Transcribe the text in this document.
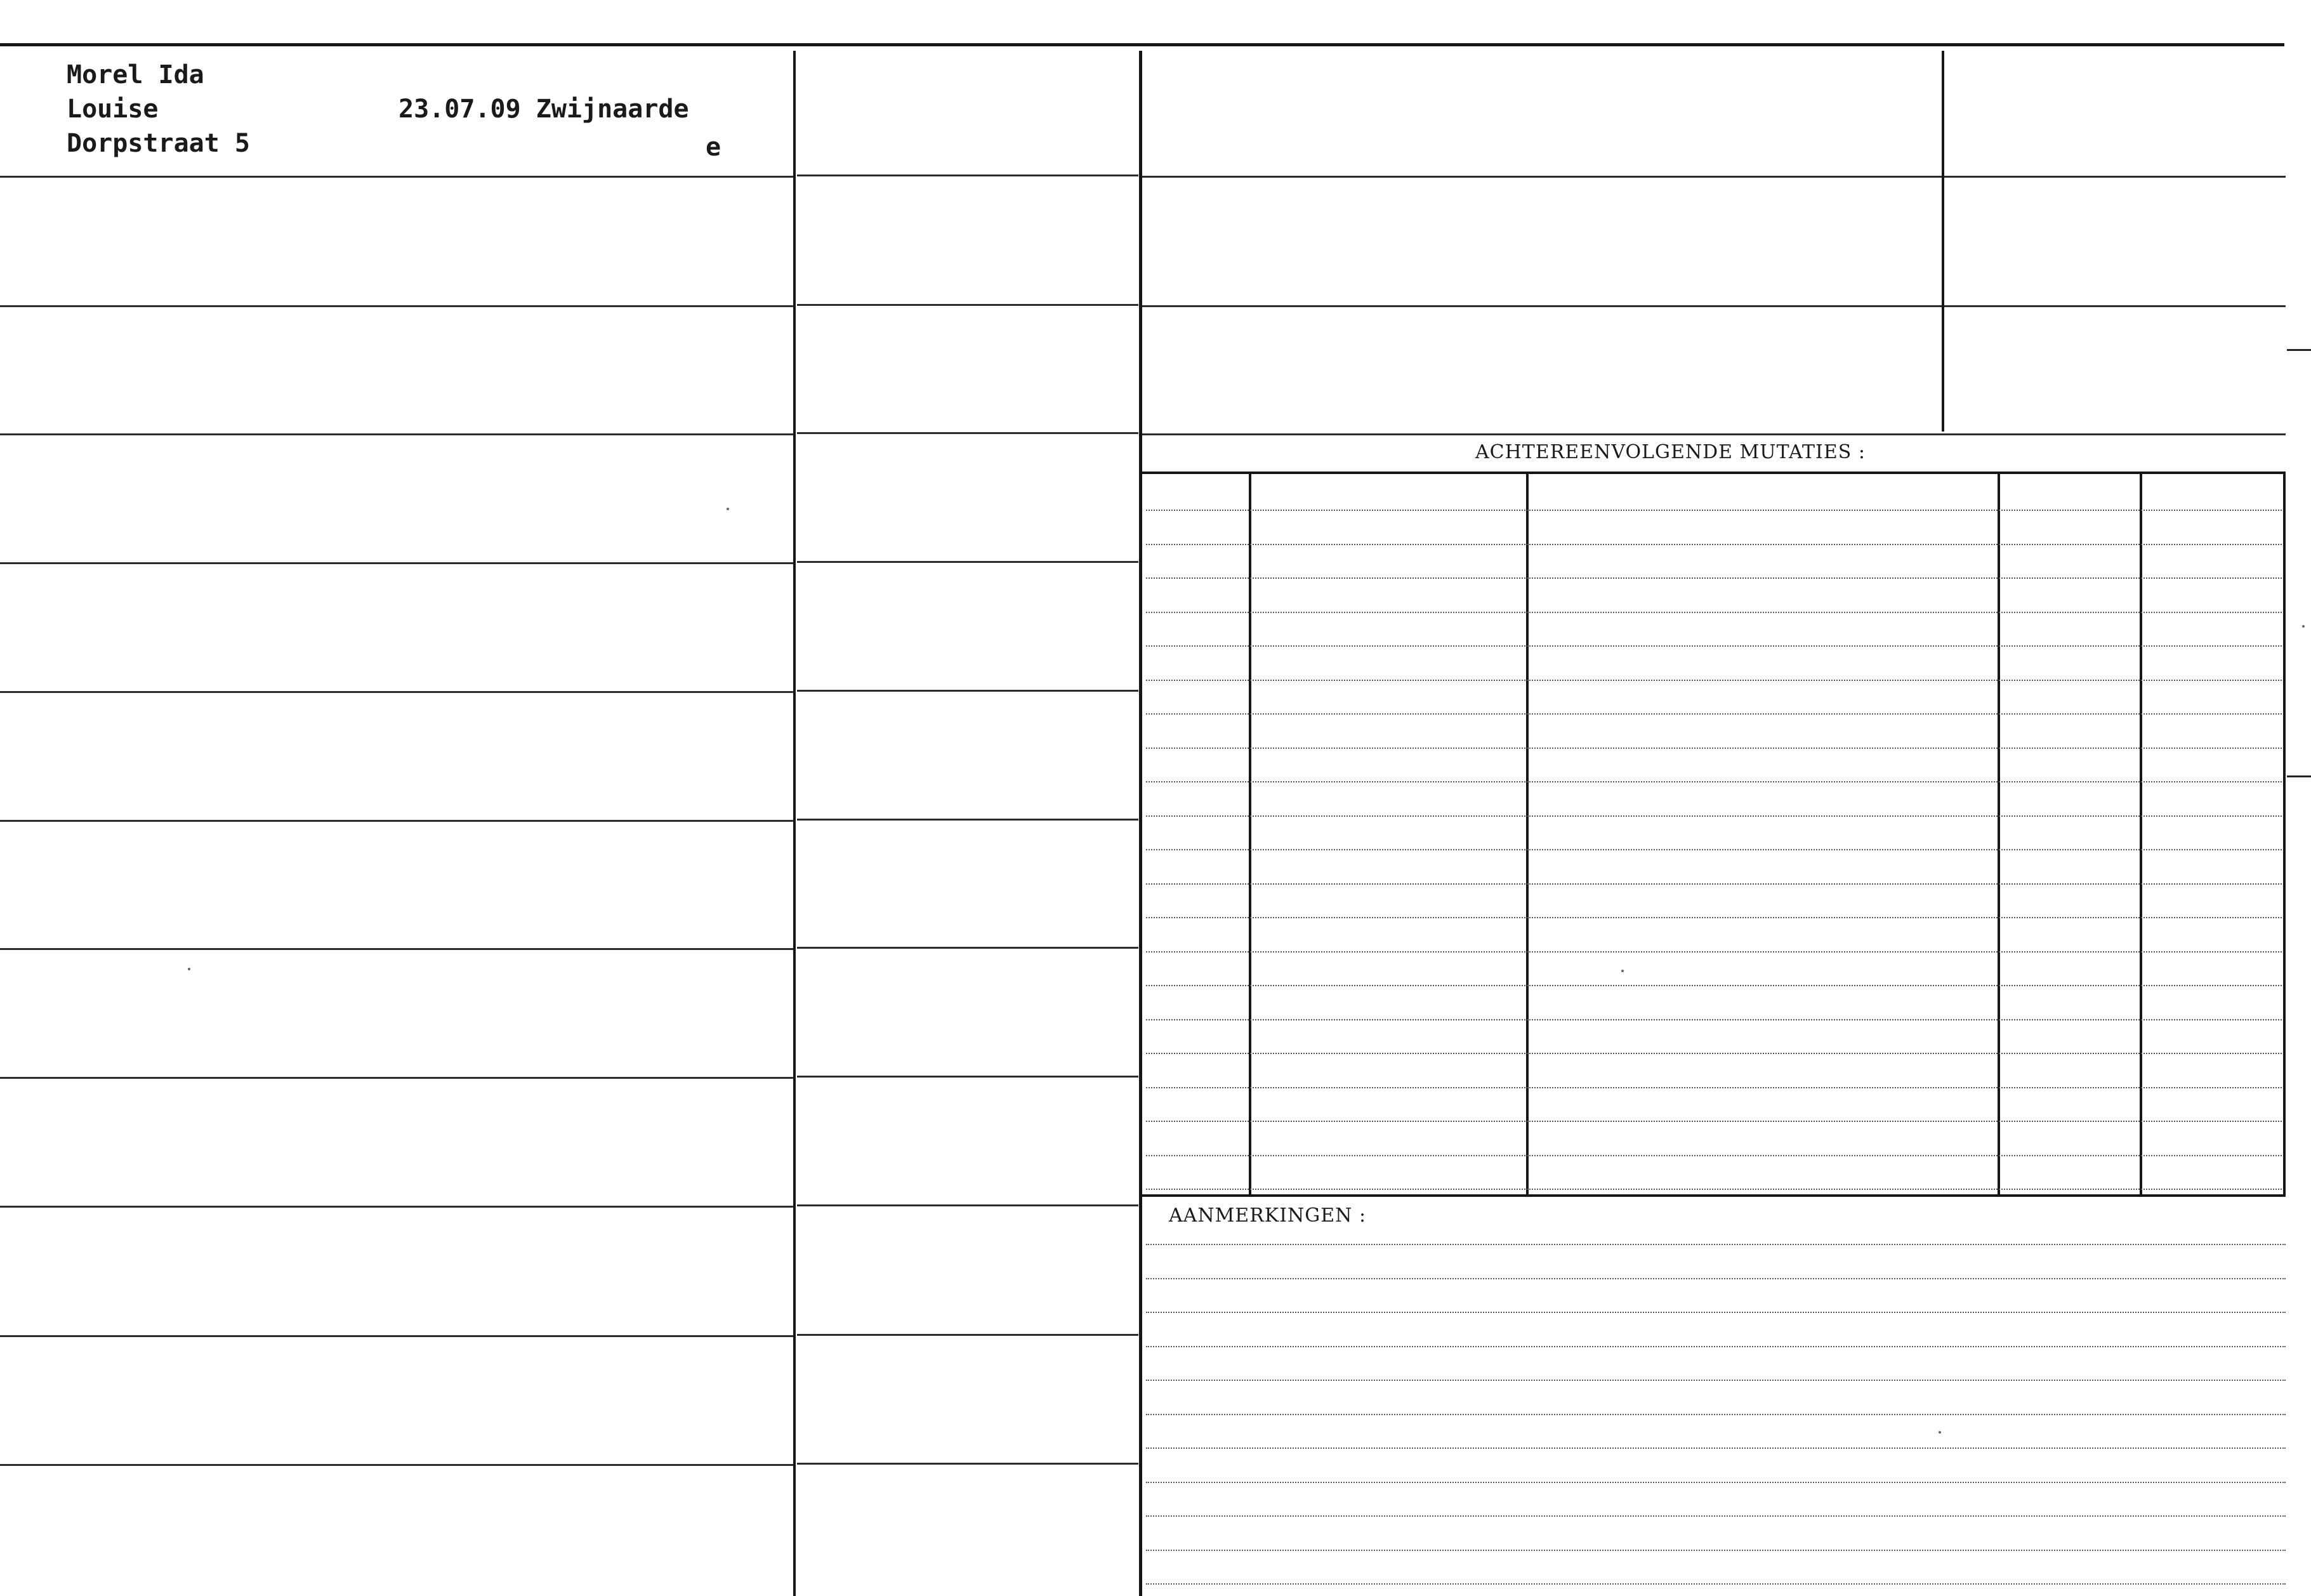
Morel Ida
Louise	23.07.09 Zwijnaarde
Dorpstraat 5	e
ACHTEREENVOLGENDE MUTATIES :
AANMERKINGEN :
